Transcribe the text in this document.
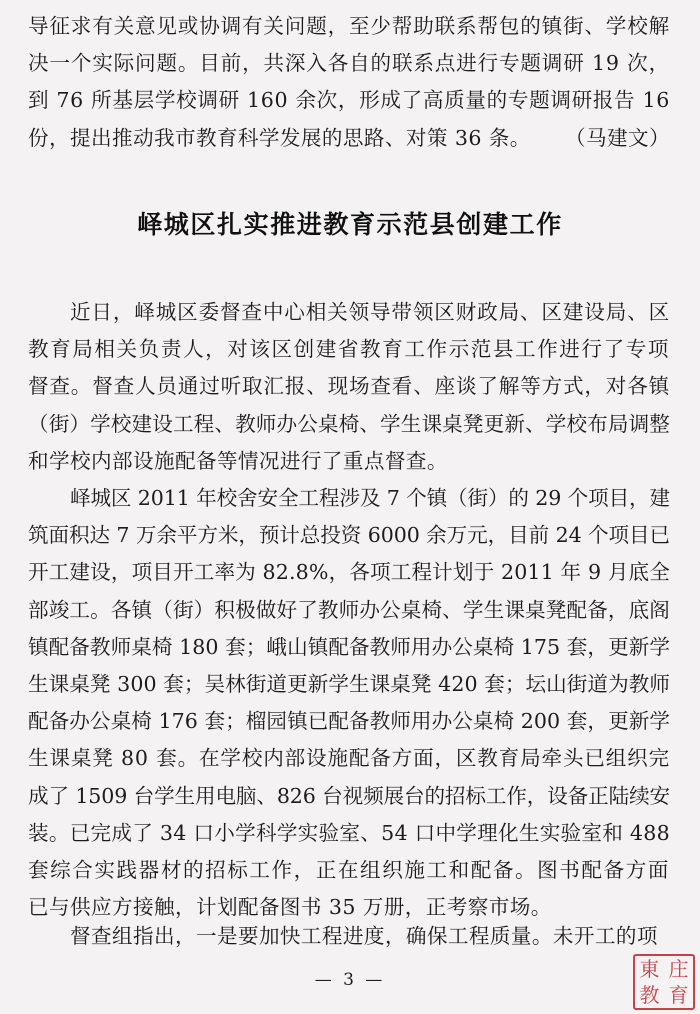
导征求有关意见或协调有关问题，至少帮助联系帮包的镇街、学校解
决一个实际问题。目前，共深入各自的联系点进行专题调研 19 次，
到 76 所基层学校调研 160 余次，形成了高质量的专题调研报告 16
份，提出推动我市教育科学发展的思路、对策 36 条。 （马建文）

峄城区扎实推进教育示范县创建工作

近日，峄城区委督查中心相关领导带领区财政局、区建设局、区
教育局相关负责人，对该区创建省教育工作示范县工作进行了专项
督查。督查人员通过听取汇报、现场查看、座谈了解等方式，对各镇
（街）学校建设工程、教师办公桌椅、学生课桌凳更新、学校布局调整
和学校内部设施配备等情况进行了重点督查。

峄城区 2011 年校舍安全工程涉及 7 个镇（街）的 29 个项目，建
筑面积达 7 万余平方米，预计总投资 6000 余万元，目前 24 个项目已
开工建设，项目开工率为 82.8%，各项工程计划于 2011 年 9 月底全
部竣工。各镇（街）积极做好了教师办公桌椅、学生课桌凳配备，底阁
镇配备教师桌椅 180 套；峨山镇配备教师用办公桌椅 175 套，更新学
生课桌凳 300 套；吴林街道更新学生课桌凳 420 套；坛山街道为教师
配备办公桌椅 176 套；榴园镇已配备教师用办公桌椅 200 套，更新学
生课桌凳 80 套。在学校内部设施配备方面，区教育局牵头已组织完
成了 1509 台学生用电脑、826 台视频展台的招标工作，设备正陆续安
装。已完成了 34 口小学科学实验室、54 口中学理化生实验室和 488
套综合实践器材的招标工作，正在组织施工和配备。图书配备方面
已与供应方接触，计划配备图书 35 万册，正考察市场。

督查组指出，一是要加快工程进度，确保工程质量。未开工的项

— 3 —	東 庄
教 育
